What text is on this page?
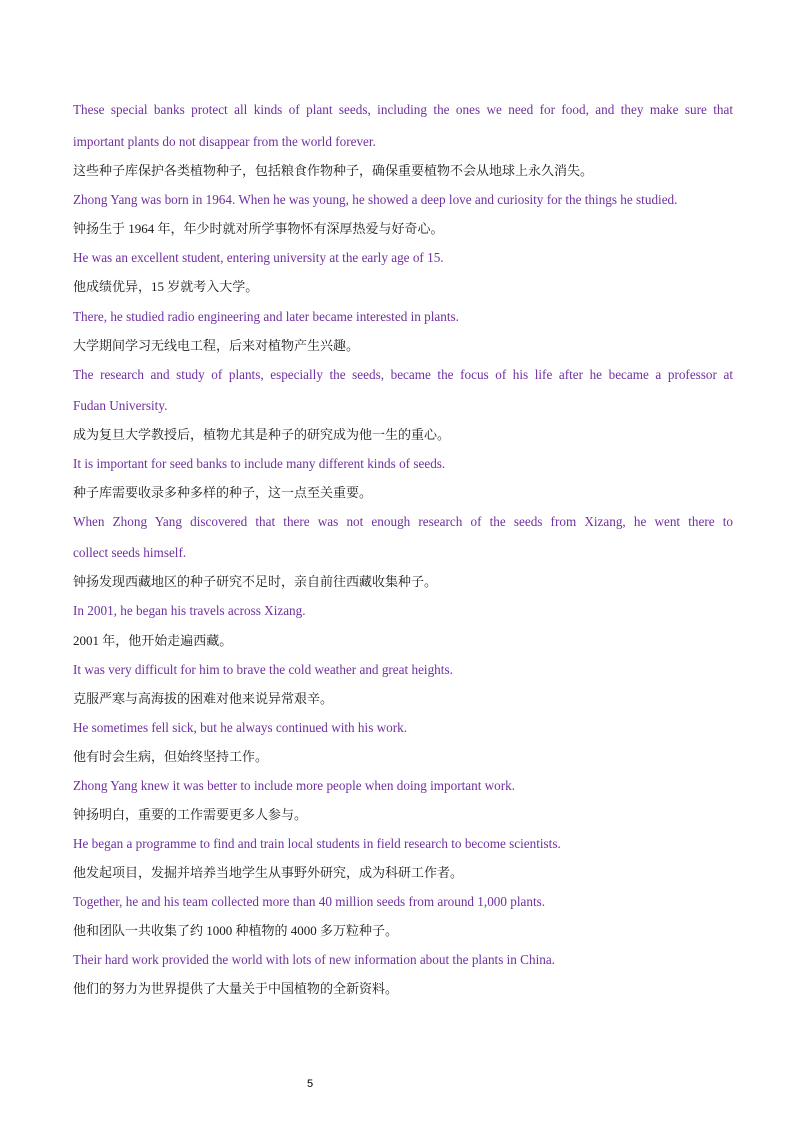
These special banks protect all kinds of plant seeds, including the ones we need for food, and they make sure that
important plants do not disappear from the world forever.
这些种子库保护各类植物种子，包括粮食作物种子，确保重要植物不会从地球上永久消失。
Zhong Yang was born in 1964. When he was young, he showed a deep love and curiosity for the things he studied.
钟扬生于 1964 年，年少时就对所学事物怀有深厚热爱与好奇心。
He was an excellent student, entering university at the early age of 15.
他成绩优异，15 岁就考入大学。
There, he studied radio engineering and later became interested in plants.
大学期间学习无线电工程，后来对植物产生兴趣。
The research and study of plants, especially the seeds, became the focus of his life after he became a professor at
Fudan University.
成为复旦大学教授后，植物尤其是种子的研究成为他一生的重心。
It is important for seed banks to include many different kinds of seeds.
种子库需要收录多种多样的种子，这一点至关重要。
When Zhong Yang discovered that there was not enough research of the seeds from Xizang, he went there to
collect seeds himself.
钟扬发现西藏地区的种子研究不足时，亲自前往西藏收集种子。
In 2001, he began his travels across Xizang.
2001 年，他开始走遍西藏。
It was very difficult for him to brave the cold weather and great heights.
克服严寒与高海拔的困难对他来说异常艰辛。
He sometimes fell sick, but he always continued with his work.
他有时会生病，但始终坚持工作。
Zhong Yang knew it was better to include more people when doing important work.
钟扬明白，重要的工作需要更多人参与。
He began a programme to find and train local students in field research to become scientists.
他发起项目，发掘并培养当地学生从事野外研究，成为科研工作者。
Together, he and his team collected more than 40 million seeds from around 1,000 plants.
他和团队一共收集了约 1000 种植物的 4000 多万粒种子。
Their hard work provided the world with lots of new information about the plants in China.
他们的努力为世界提供了大量关于中国植物的全新资料。
5
